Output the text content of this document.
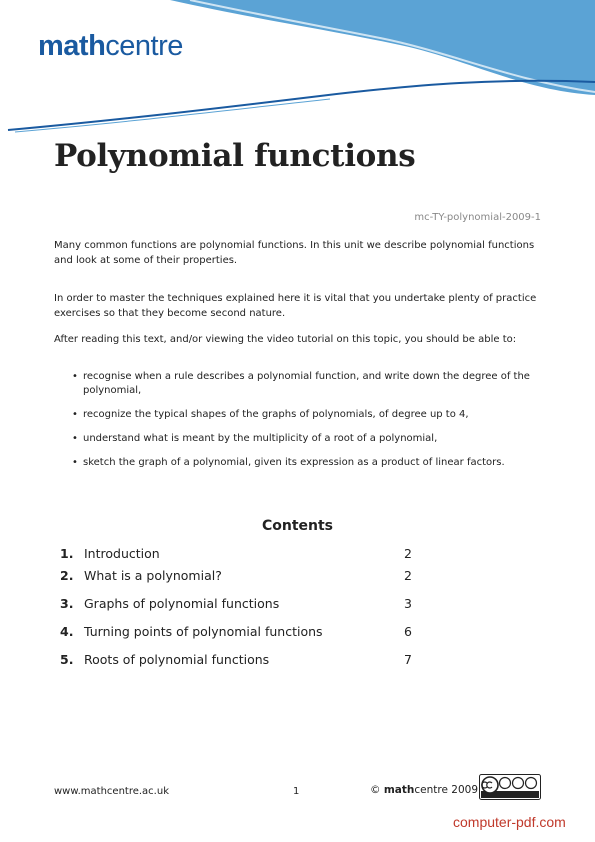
mathcentre
Polynomial functions
mc-TY-polynomial-2009-1

Many common functions are polynomial functions. In this unit we describe polynomial functions and look at some of their properties.

In order to master the techniques explained here it is vital that you undertake plenty of practice exercises so that they become second nature.

After reading this text, and/or viewing the video tutorial on this topic, you should be able to:

• recognise when a rule describes a polynomial function, and write down the degree of the polynomial,
• recognize the typical shapes of the graphs of polynomials, of degree up to 4,
• understand what is meant by the multiplicity of a root of a polynomial,
• sketch the graph of a polynomial, given its expression as a product of linear factors.
Contents
1. Introduction	2
2. What is a polynomial?	2
3. Graphs of polynomial functions	3
4. Turning points of polynomial functions	6
5. Roots of polynomial functions	7
www.mathcentre.ac.uk	1	© mathcentre 2009
computer-pdf.com
